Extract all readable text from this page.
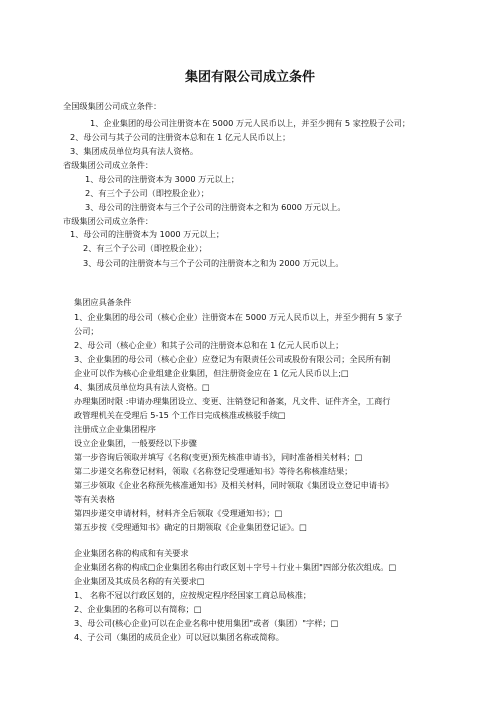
集团有限公司成立条件
全国级集团公司成立条件：
1、企业集团的母公司注册资本在 5000 万元人民币以上，并至少拥有 5 家控股子公司；
2、母公司与其子公司的注册资本总和在 1 亿元人民币以上；
3、集团成员单位均具有法人资格。
省级集团公司成立条件：
1、母公司的注册资本为 3000 万元以上；
2、有三个子公司（即控股企业）；
3、母公司的注册资本与三个子公司的注册资本之和为 6000 万元以上。
市级集团公司成立条件：
1、母公司的注册资本为 1000 万元以上；
2、有三个子公司（即控股企业）；
3、母公司的注册资本与三个子公司的注册资本之和为 2000 万元以上。
集团应具备条件
1、企业集团的母公司（核心企业）注册资本在 5000 万元人民币以上，并至少拥有 5 家子
公司；
2、母公司（核心企业）和其子公司的注册资本总和在 1 亿元人民币以上；
3、企业集团的母公司（核心企业）应登记为有限责任公司或股份有限公司；全民所有制
企业可以作为核心企业组建企业集团，但注册资金应在 1 亿元人民币以上;□
4、集团成员单位均具有法人资格。□
办理集团时限 :申请办理集团设立、变更、注销登记和备案，凡文件、证件齐全，工商行
政管理机关在受理后 5-15 个工作日完成核准或核驳手续□
注册成立企业集团程序
设立企业集团，一般要经以下步骤
第一步咨询后领取并填写《名称(变更)预先核准申请书》，同时准备相关材料；□
第二步递交名称登记材料，领取《名称登记受理通知书》等待名称核准结果；
第三步领取《企业名称预先核准通知书》及相关材料，同时领取《集团设立登记申请书》
等有关表格
第四步递交申请材料，材料齐全后领取《受理通知书》；□
第五步按《受理通知书》确定的日期领取《企业集团登记证》。□
企业集团名称的构成和有关要求
企业集团名称的构成□企业集团名称由行政区划＋字号＋行业＋集团"四部分依次组成。□
企业集团及其成员名称的有关要求□
1、 名称不冠以行政区划的，应按规定程序经国家工商总局核准；
2、企业集团的名称可以有简称；□
3、母公司(核心企业)可以在企业名称中使用集团"或者（集团）"字样；□
4、子公司（集团的成员企业）可以冠以集团名称或简称。
